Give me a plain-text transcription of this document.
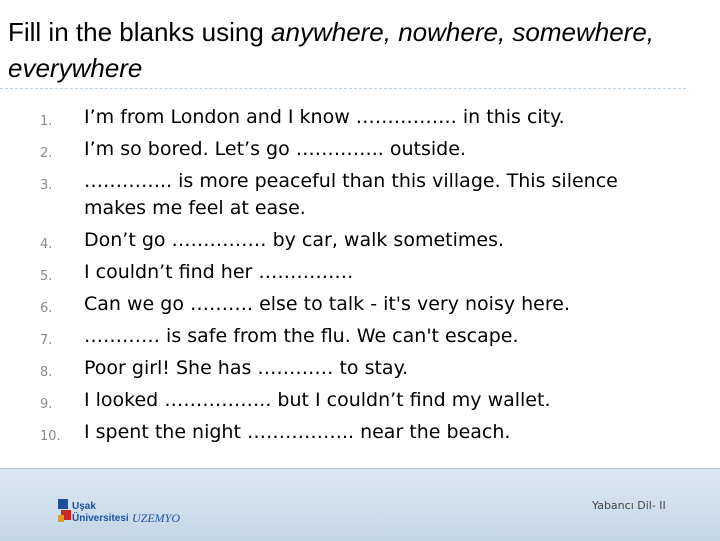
Fill in the blanks using anywhere, nowhere, somewhere, everywhere
1. I’m from London and I know ……………. in this city.
2. I’m so bored. Let’s go ………….. outside.
3. ………….. is more peaceful than this village. This silence makes me feel at ease.
4. Don’t go …………… by car, walk sometimes.
5. I couldn’t find her ……………
6. Can we go ………. else to talk - it's very noisy here.
7. ………… is safe from the flu. We can't escape.
8. Poor girl! She has ………… to stay.
9. I looked …………….. but I couldn’t find my wallet.
10. I spent the night …………….. near the beach.
Uşak
Üniversitesi UZEMYO
Yabancı Dil- II
